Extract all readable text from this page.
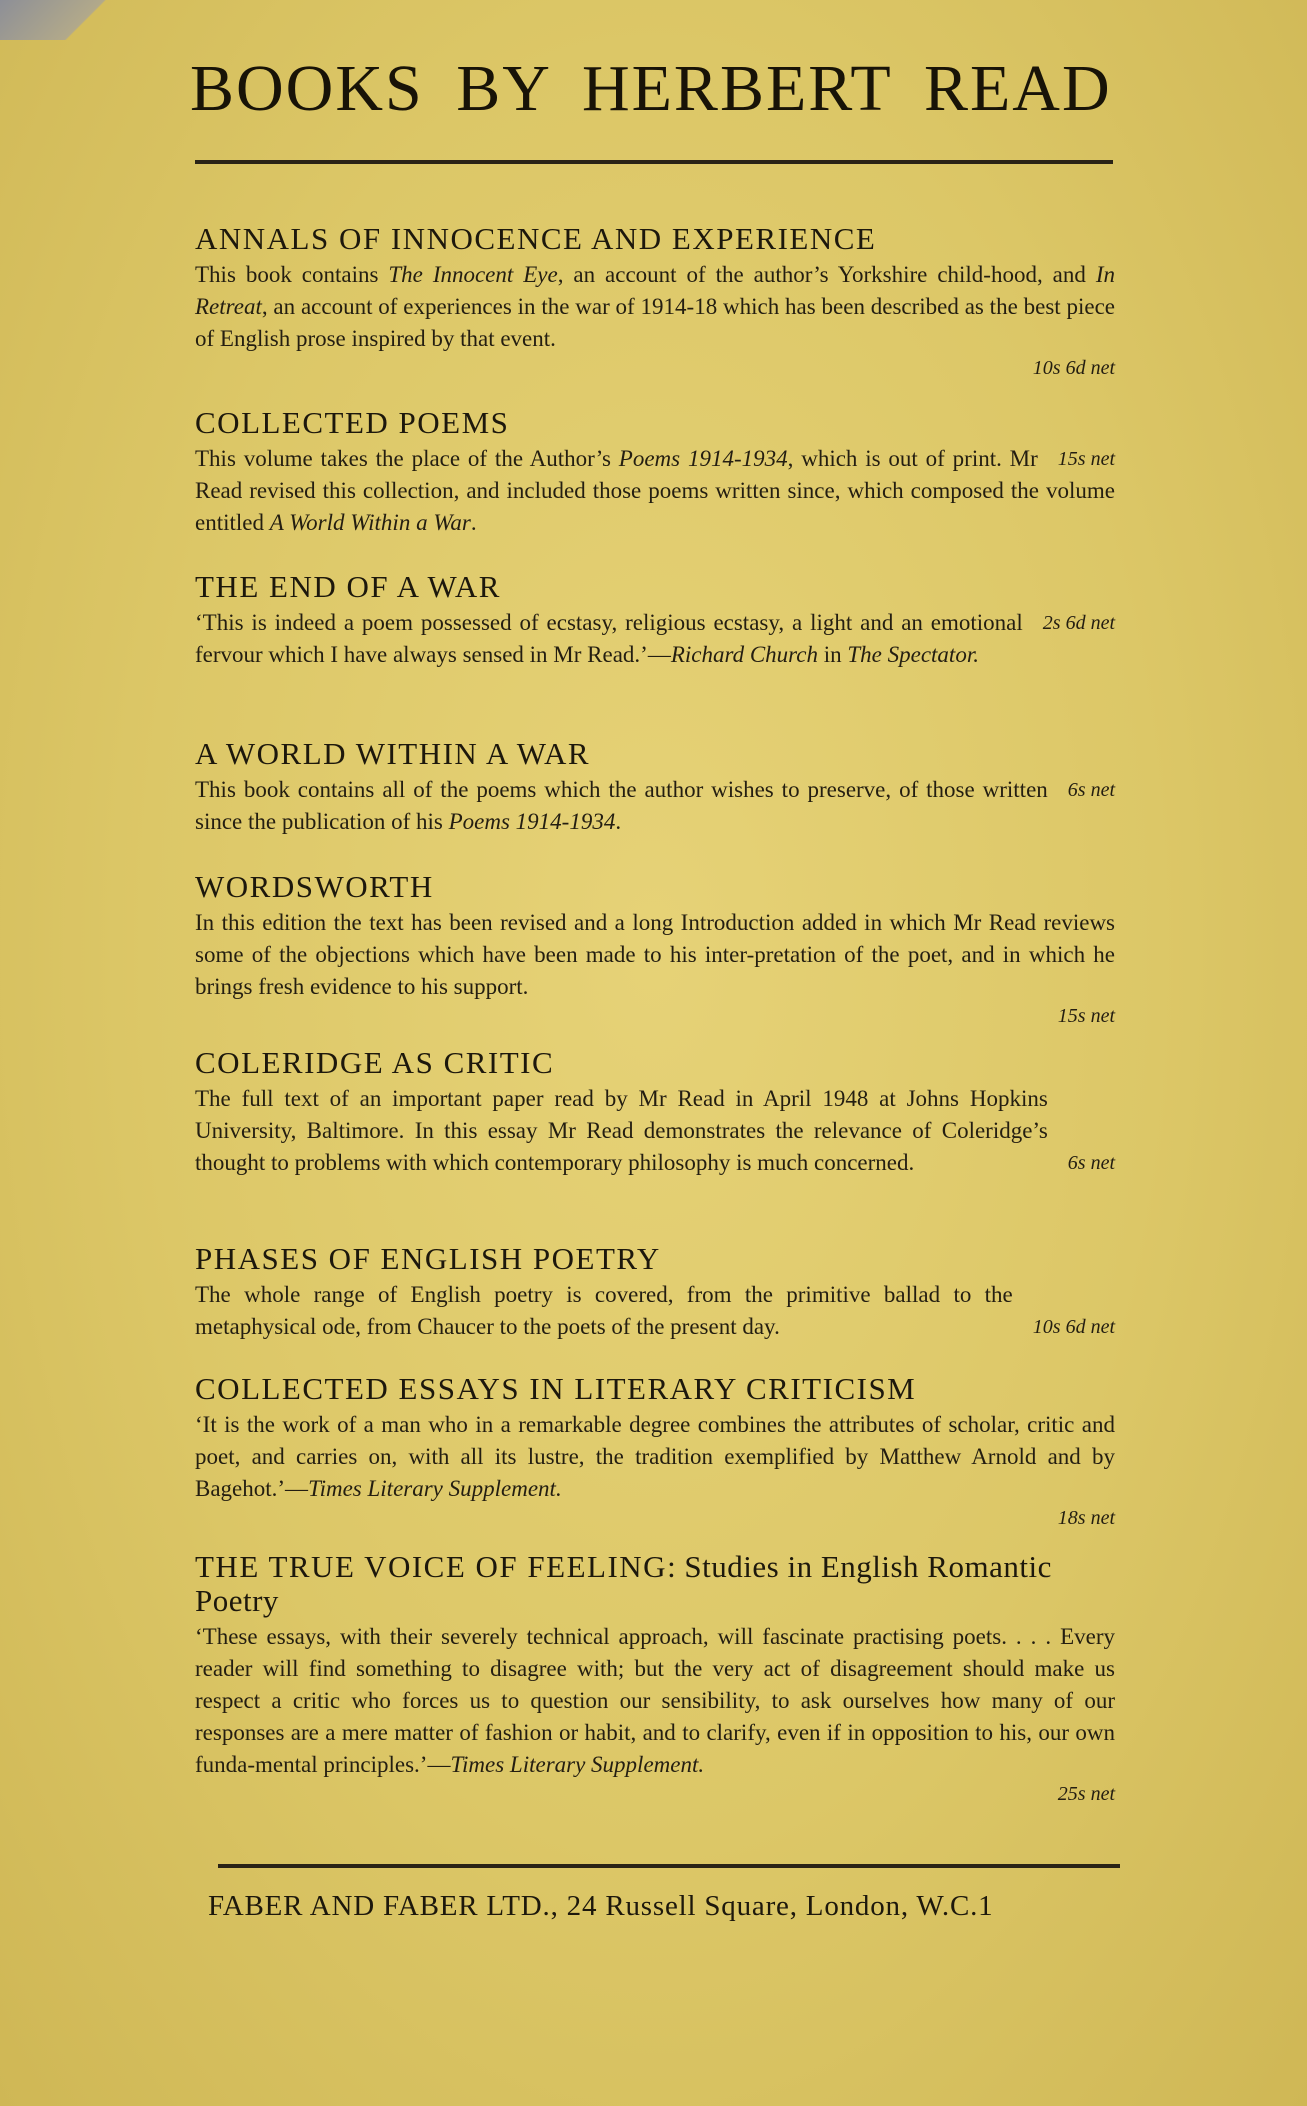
BOOKS BY HERBERT READ
ANNALS OF INNOCENCE AND EXPERIENCE

This book contains The Innocent Eye, an account of the author’s Yorkshire child-hood, and In Retreat, an account of experiences in the war of 1914-18 which has been described as the best piece of English prose inspired by that event.

10s 6d net
COLLECTED POEMS

15s net
This volume takes the place of the Author’s Poems 1914-1934, which is out of print. Mr Read revised this collection, and included those poems written since, which composed the volume entitled A World Within a War.

THE END OF A WAR

2s 6d net
‘This is indeed a poem possessed of ecstasy, religious ecstasy, a light and an emotional fervour which I have always sensed in Mr Read.’—Richard Church in The Spectator.

A WORLD WITHIN A WAR

6s net
This book contains all of the poems which the author wishes to preserve, of those written since the publication of his Poems 1914-1934.

WORDSWORTH

In this edition the text has been revised and a long Introduction added in which Mr Read reviews some of the objections which have been made to his inter-pretation of the poet, and in which he brings fresh evidence to his support.

15s net
COLERIDGE AS CRITIC

6s net
The full text of an important paper read by Mr Read in April 1948 at Johns Hopkins University, Baltimore. In this essay Mr Read demonstrates the relevance of Coleridge’s thought to problems with which contemporary philosophy is much concerned.

PHASES OF ENGLISH POETRY

10s 6d net
The whole range of English poetry is covered, from the primitive ballad to the metaphysical ode, from Chaucer to the poets of the present day.

COLLECTED ESSAYS IN LITERARY CRITICISM

‘It is the work of a man who in a remarkable degree combines the attributes of scholar, critic and poet, and carries on, with all its lustre, the tradition exemplified by Matthew Arnold and by Bagehot.’—Times Literary Supplement.

18s net
THE TRUE VOICE OF FEELING: Studies in English Romantic Poetry

‘These essays, with their severely technical approach, will fascinate practising poets. . . . Every reader will find something to disagree with; but the very act of disagreement should make us respect a critic who forces us to question our sensibility, to ask ourselves how many of our responses are a mere matter of fashion or habit, and to clarify, even if in opposition to his, our own funda-mental principles.’—Times Literary Supplement.

25s net
FABER AND FABER LTD., 24 Russell Square, London, W.C.1
